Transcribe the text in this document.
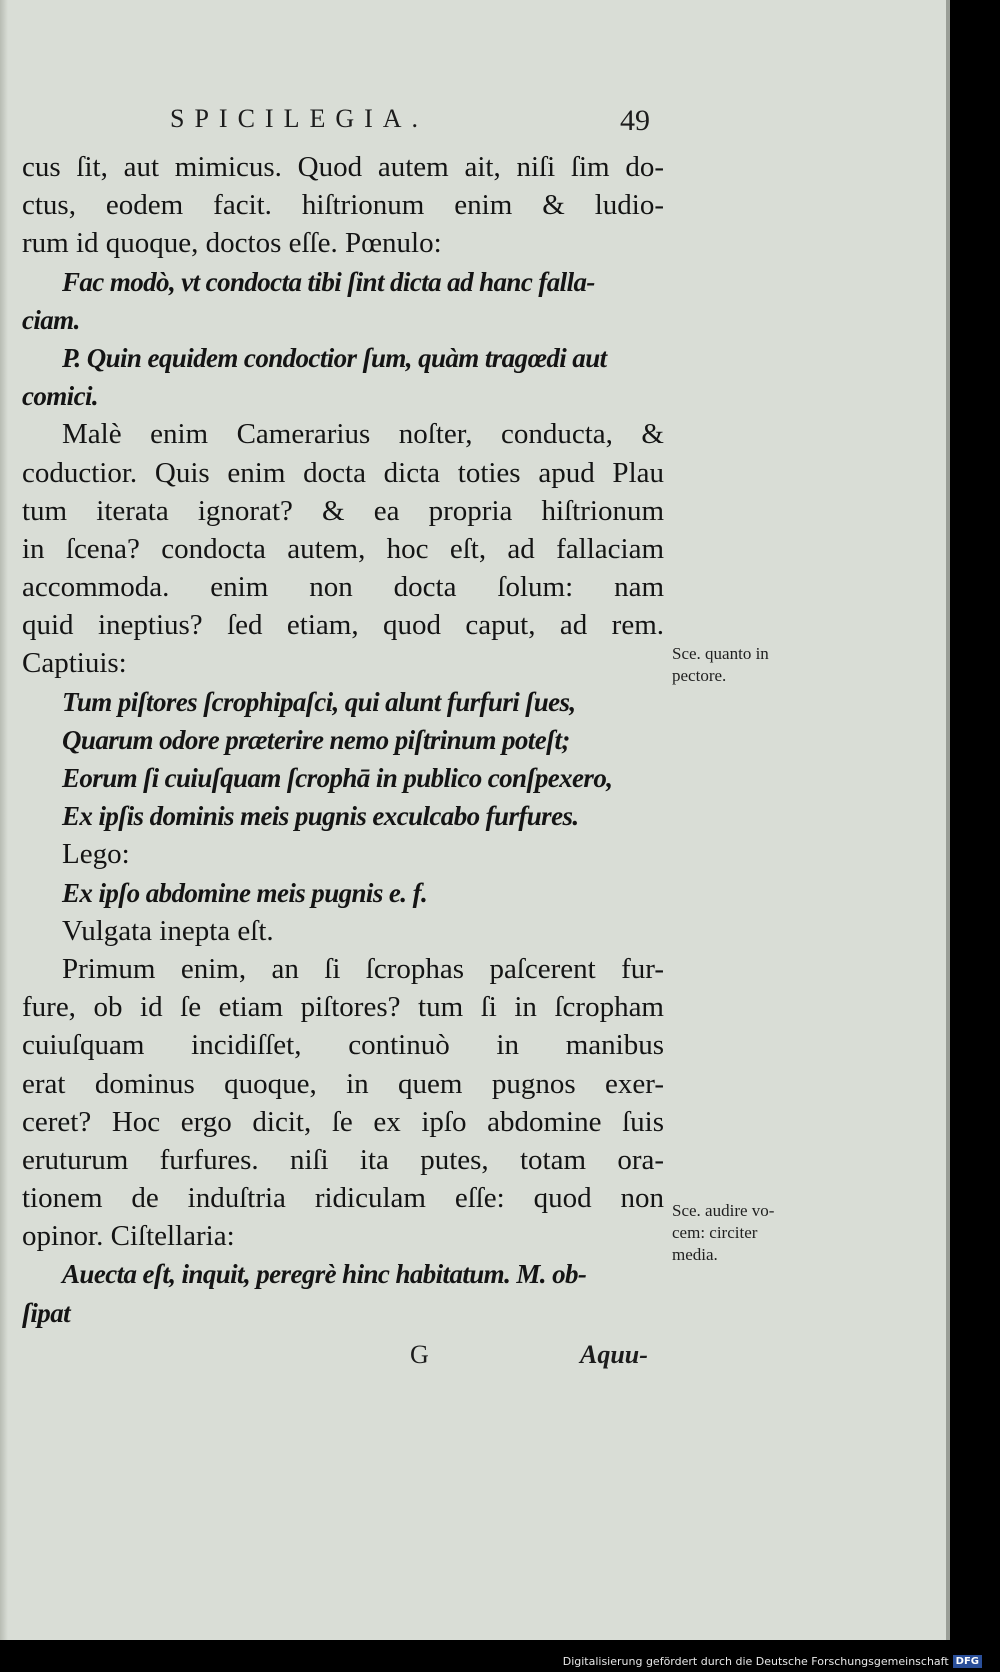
SPICILEGIA.	49
cus ſit, aut mimicus. Quod autem ait, niſi ſim do-
ctus, eodem facit. hiſtrionum enim & ludio-
rum id quoque, doctos eſſe. Pœnulo:
Fac modò, vt condocta tibi ſint dicta ad hanc falla-
ciam.
P. Quin equidem condoctior ſum, quàm tragœdi aut
comici.
Malè enim Camerarius noſter, conducta, &
coductior. Quis enim docta dicta toties apud Plau
tum iterata ignorat? & ea propria hiſtrionum
in ſcena? condocta autem, hoc eſt, ad fallaciam
accommoda. enim non docta ſolum: nam
quid ineptius? ſed etiam, quod caput, ad rem.
Captiuis:
Tum piſtores ſcrophipaſci, qui alunt furfuri ſues,
Quarum odore præterire nemo piſtrinum poteſt;
Eorum ſi cuiuſquam ſcrophā in publico conſpexero,
Ex ipſis dominis meis pugnis exculcabo furfures.
Lego:
Ex ipſo abdomine meis pugnis e. f.
Vulgata inepta eſt.
Primum enim, an ſi ſcrophas paſcerent fur-
fure, ob id ſe etiam piſtores? tum ſi in ſcropham
cuiuſquam incidiſſet, continuò in manibus
erat dominus quoque, in quem pugnos exer-
ceret? Hoc ergo dicit, ſe ex ipſo abdomine ſuis
eruturum furfures. niſi ita putes, totam ora-
tionem de induſtria ridiculam eſſe: quod non
opinor. Ciſtellaria:
Auecta eſt, inquit, peregrè hinc habitatum. M. ob-
ſipat
Sce. quanto in
pectore.
Sce. audire vo-
cem: circiter
media.
G	Aquu-
Digitalisierung gefördert durch die Deutsche Forschungsgemeinschaft DFG
